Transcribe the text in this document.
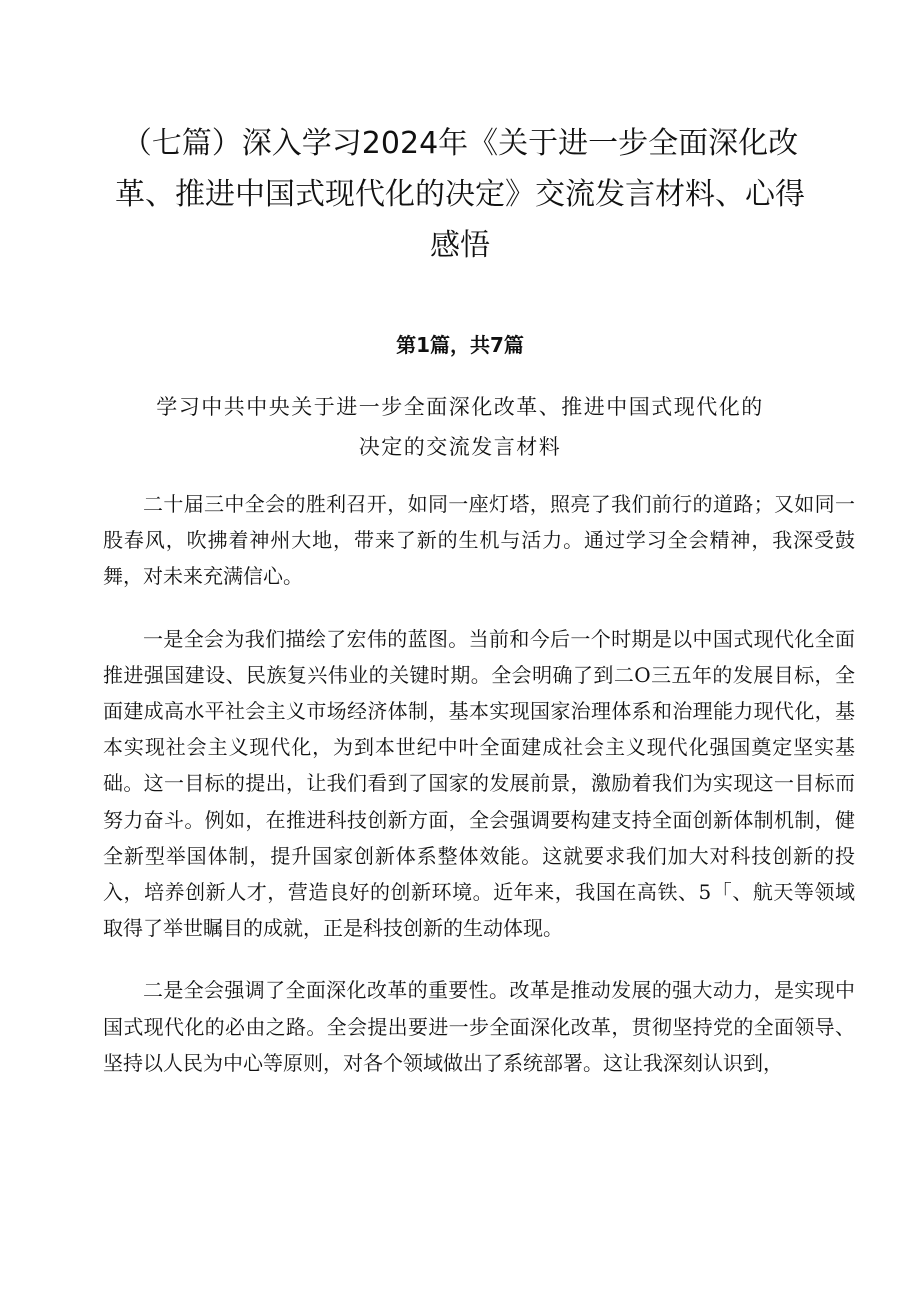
（七篇）深入学习2024年《关于进一步全面深化改
革、推进中国式现代化的决定》交流发言材料、心得
感悟
第1篇，共7篇
学习中共中央关于进一步全面深化改革、推进中国式现代化的
决定的交流发言材料

二十届三中全会的胜利召开，如同一座灯塔，照亮了我们前行的道路；又如同一股春风，吹拂着神州大地，带来了新的生机与活力。通过学习全会精神，我深受鼓舞，对未来充满信心。

一是全会为我们描绘了宏伟的蓝图。当前和今后一个时期是以中国式现代化全面推进强国建设、民族复兴伟业的关键时期。全会明确了到二O三五年的发展目标，全面建成高水平社会主义市场经济体制，基本实现国家治理体系和治理能力现代化，基本实现社会主义现代化，为到本世纪中叶全面建成社会主义现代化强国奠定坚实基础。这一目标的提出，让我们看到了国家的发展前景，激励着我们为实现这一目标而努力奋斗。例如，在推进科技创新方面，全会强调要构建支持全面创新体制机制，健全新型举国体制，提升国家创新体系整体效能。这就要求我们加大对科技创新的投入，培养创新人才，营造良好的创新环境。近年来，我国在高铁、5「、航天等领域取得了举世瞩目的成就，正是科技创新的生动体现。

二是全会强调了全面深化改革的重要性。改革是推动发展的强大动力，是实现中国式现代化的必由之路。全会提出要进一步全面深化改革，贯彻坚持党的全面领导、坚持以人民为中心等原则，对各个领域做出了系统部署。这让我深刻认识到，
